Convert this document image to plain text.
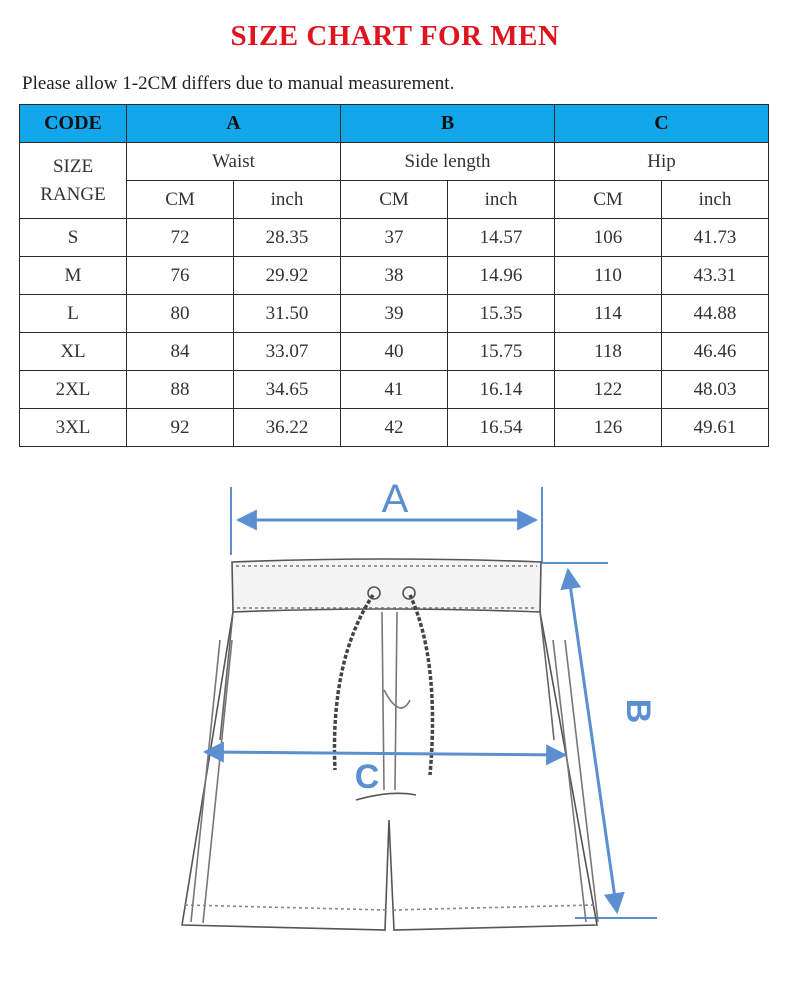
SIZE CHART FOR MEN
Please allow 1-2CM differs due to manual measurement.
CODE	A		B		C	
SIZE RANGE	Waist		Side length		Hip	
	CM	inch	CM	inch	CM	inch
S	72	28.35	37	14.57	106	41.73
M	76	29.92	38	14.96	110	43.31
L	80	31.50	39	15.35	114	44.88
XL	84	33.07	40	15.75	118	46.46
2XL	88	34.65	41	16.14	122	48.03
3XL	92	36.22	42	16.54	126	49.61
A
B
C
